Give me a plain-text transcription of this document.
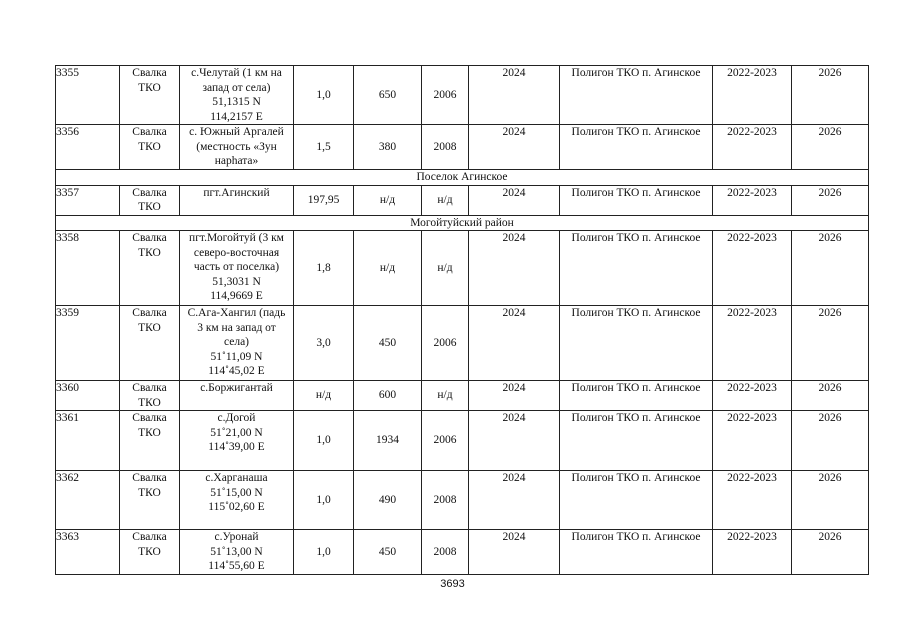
3355	Свалка ТКО	с.Челутай (1 км на
запад от села)
51,1315 N
114,2157 E	1,0	650	2006	2024	Полигон ТКО п. Агинское	2022-2023	2026
3356	Свалка ТКО	с. Южный Аргалей
(местность «Зун
нарhата»	1,5	380	2008	2024	Полигон ТКО п. Агинское	2022-2023	2026
Поселок Агинское									
3357	Свалка ТКО	пгт.Агинский	197,95	н/д	н/д	2024	Полигон ТКО п. Агинское	2022-2023	2026
Могойтуйский район									
3358	Свалка ТКО	пгт.Могойтуй (3 км
северо-восточная
часть от поселка)
51,3031 N
114,9669 E	1,8	н/д	н/д	2024	Полигон ТКО п. Агинское	2022-2023	2026
3359	Свалка ТКО	С.Ага-Хангил (падь
3 км на запад от
села)
51˚11,09 N
114˚45,02 E	3,0	450	2006	2024	Полигон ТКО п. Агинское	2022-2023	2026
3360	Свалка ТКО	с.Боржигантай	н/д	600	н/д	2024	Полигон ТКО п. Агинское	2022-2023	2026
3361	Свалка ТКО	с.Догой
51˚21,00 N
114˚39,00 E	1,0	1934	2006	2024	Полигон ТКО п. Агинское	2022-2023	2026
3362	Свалка ТКО	с.Харганаша
51˚15,00 N
115˚02,60 E	1,0	490	2008	2024	Полигон ТКО п. Агинское	2022-2023	2026
3363	Свалка ТКО	с.Уронай
51˚13,00 N
114˚55,60 E	1,0	450	2008	2024	Полигон ТКО п. Агинское	2022-2023	2026
3693
